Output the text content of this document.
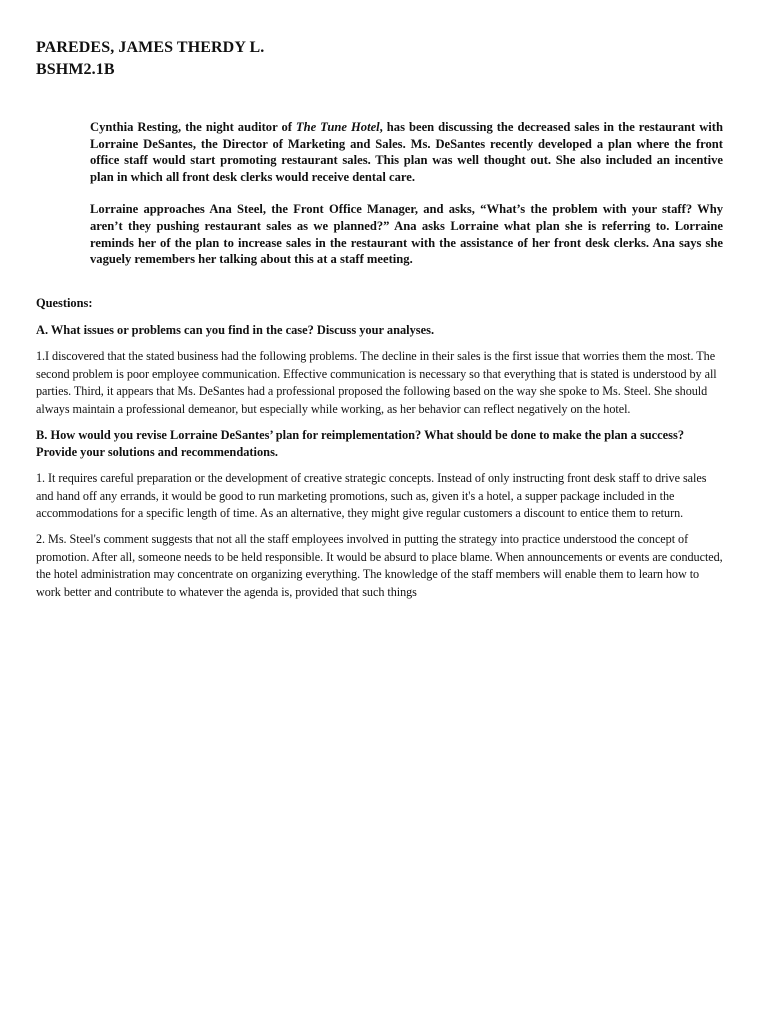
PAREDES, JAMES THERDY L.
BSHM2.1B

Cynthia Resting, the night auditor of The Tune Hotel, has been discussing the decreased sales in the restaurant with Lorraine DeSantes, the Director of Marketing and Sales. Ms. DeSantes recently developed a plan where the front office staff would start promoting restaurant sales. This plan was well thought out. She also included an incentive plan in which all front desk clerks would receive dental care.

Lorraine approaches Ana Steel, the Front Office Manager, and asks, “What’s the problem with your staff? Why aren’t they pushing restaurant sales as we planned?” Ana asks Lorraine what plan she is referring to. Lorraine reminds her of the plan to increase sales in the restaurant with the assistance of her front desk clerks. Ana says she vaguely remembers her talking about this at a staff meeting.

Questions:
A. What issues or problems can you find in the case? Discuss your analyses.
1.I discovered that the stated business had the following problems. The decline in their sales is the first issue that worries them the most. The second problem is poor employee communication. Effective communication is necessary so that everything that is stated is understood by all parties. Third, it appears that Ms. DeSantes had a professional proposed the following based on the way she spoke to Ms. Steel. She should always maintain a professional demeanor, but especially while working, as her behavior can reflect negatively on the hotel.
B. How would you revise Lorraine DeSantes’ plan for reimplementation? What should be done to make the plan a success? Provide your solutions and recommendations.
1. It requires careful preparation or the development of creative strategic concepts. Instead of only instructing front desk staff to drive sales and hand off any errands, it would be good to run marketing promotions, such as, given it's a hotel, a supper package included in the accommodations for a specific length of time. As an alternative, they might give regular customers a discount to entice them to return.
2. Ms. Steel's comment suggests that not all the staff employees involved in putting the strategy into practice understood the concept of promotion. After all, someone needs to be held responsible. It would be absurd to place blame. When announcements or events are conducted, the hotel administration may concentrate on organizing everything. The knowledge of the staff members will enable them to learn how to work better and contribute to whatever the agenda is, provided that such things
